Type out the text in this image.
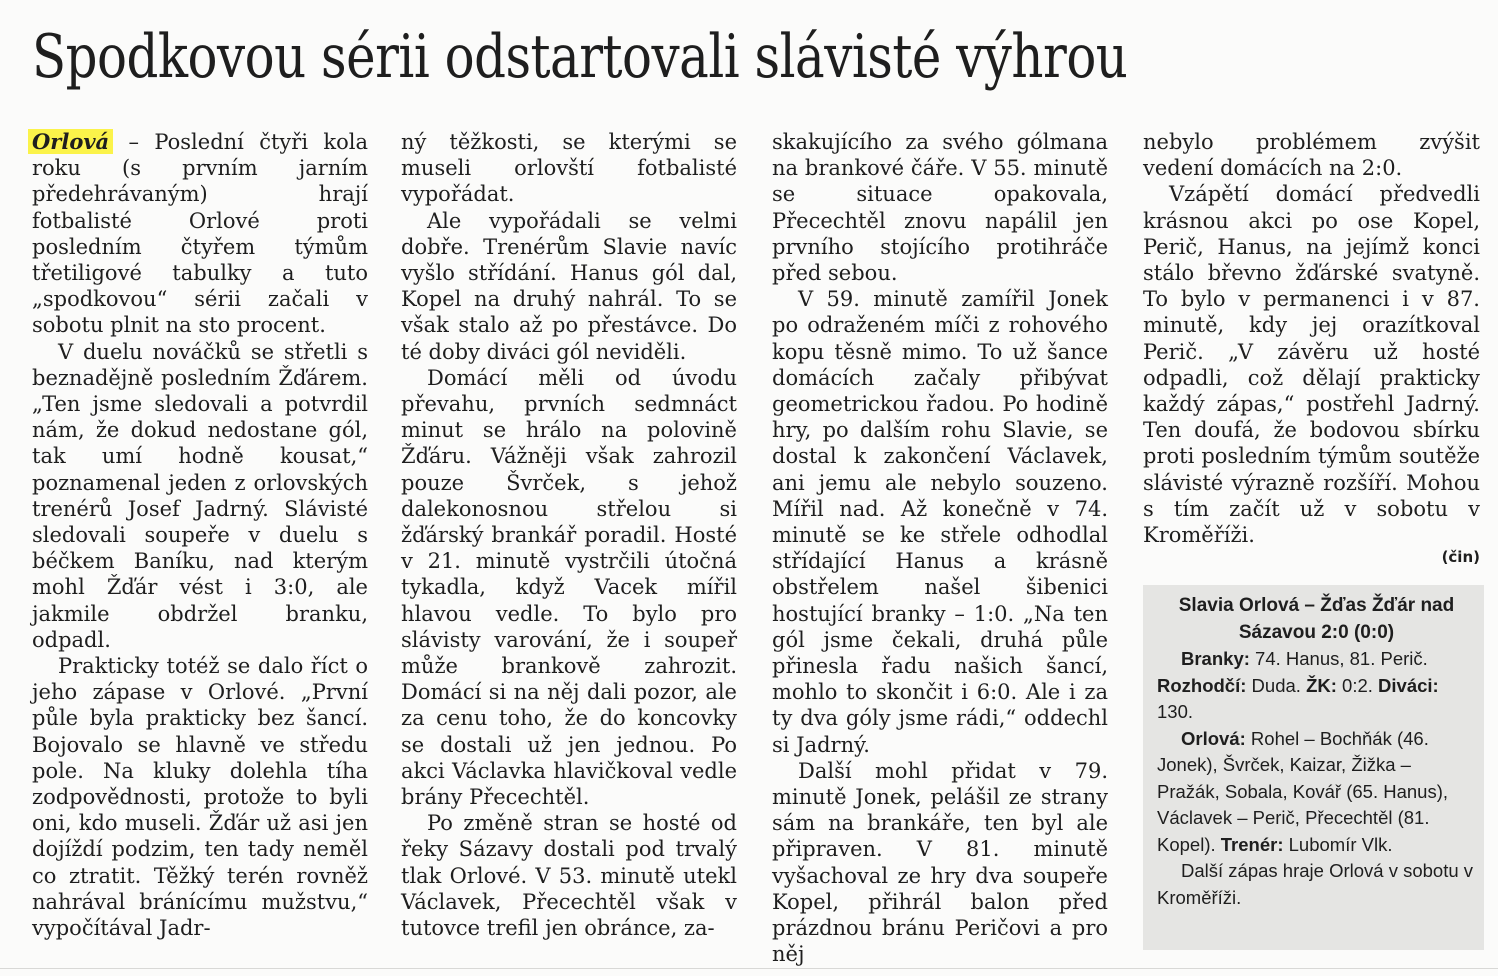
Spodkovou sérii odstartovali slávisté výhrou

Orlová – Poslední čtyři kola roku (s prvním jarním předehrávaným) hrají fotbalisté Orlové proti posledním čtyřem týmům třetiligové tabulky a tuto „spodkovou“ sérii začali v sobotu plnit na sto procent.

V duelu nováčků se střetli s beznadějně posledním Žďárem. „Ten jsme sledovali a potvrdil nám, že dokud nedostane gól, tak umí hodně kousat,“ poznamenal jeden z orlovských trenérů Josef Jadrný. Slávisté sledovali soupeře v duelu s béčkem Baníku, nad kterým mohl Žďár vést i 3:0, ale jakmile obdržel branku, odpadl.

Prakticky totéž se dalo říct o jeho zápase v Orlové. „První půle byla prakticky bez šancí. Bojovalo se hlavně ve středu pole. Na kluky dolehla tíha zodpovědnosti, protože to byli oni, kdo museli. Žďár už asi jen dojíždí podzim, ten tady neměl co ztratit. Těžký terén rovněž nahrával bránícímu mužstvu,“ vypočítával Jadr-

ný těžkosti, se kterými se museli orlovští fotbalisté vypořádat.

Ale vypořádali se velmi dobře. Trenérům Slavie navíc vyšlo střídání. Hanus gól dal, Kopel na druhý nahrál. To se však stalo až po přestávce. Do té doby diváci gól neviděli.

Domácí měli od úvodu převahu, prvních sedmnáct minut se hrálo na polovině Žďáru. Vážněji však zahrozil pouze Švrček, s jehož dalekonosnou střelou si žďárský brankář poradil. Hosté v 21. minutě vystrčili útočná tykadla, když Vacek mířil hlavou vedle. To bylo pro slávisty varování, že i soupeř může brankově zahrozit. Domácí si na něj dali pozor, ale za cenu toho, že do koncovky se dostali už jen jednou. Po akci Václavka hlavičkoval vedle brány Přecechtěl.

Po změně stran se hosté od řeky Sázavy dostali pod trvalý tlak Orlové. V 53. minutě utekl Václavek, Přecechtěl však v tutovce trefil jen obránce, za-

skakujícího za svého gólmana na brankové čáře. V 55. minutě se situace opakovala, Přecechtěl znovu napálil jen prvního stojícího protihráče před sebou.

V 59. minutě zamířil Jonek po odraženém míči z rohového kopu těsně mimo. To už šance domácích začaly přibývat geometrickou řadou. Po hodině hry, po dalším rohu Slavie, se dostal k zakončení Václavek, ani jemu ale nebylo souzeno. Mířil nad. Až konečně v 74. minutě se ke střele odhodlal střídající Hanus a krásně obstřelem našel šibenici hostující branky – 1:0. „Na ten gól jsme čekali, druhá půle přinesla řadu našich šancí, mohlo to skončit i 6:0. Ale i za ty dva góly jsme rádi,“ oddechl si Jadrný.

Další mohl přidat v 79. minutě Jonek, pelášil ze strany sám na brankáře, ten byl ale připraven. V 81. minutě vyšachoval ze hry dva soupeře Kopel, přihrál balon před prázdnou bránu Peričovi a pro něj

nebylo problémem zvýšit vedení domácích na 2:0.

Vzápětí domácí předvedli krásnou akci po ose Kopel, Perič, Hanus, na jejímž konci stálo břevno žďárské svatyně. To bylo v permanenci i v 87. minutě, kdy jej orazítkoval Perič. „V závěru už hosté odpadli, což dělají prakticky každý zápas,“ postřehl Jadrný. Ten doufá, že bodovou sbírku proti posledním týmům soutěže slávisté výrazně rozšíří. Mohou s tím začít už v sobotu v Kroměříži.

(čin)

Slavia Orlová – Žďas Žďár nad Sázavou 2:0 (0:0)

Branky: 74. Hanus, 81. Perič.

Rozhodčí: Duda. ŽK: 0:2. Diváci: 130.

Orlová: Rohel – Bochňák (46. Jonek), Švrček, Kaizar, Žižka – Pražák, Sobala, Kovář (65. Hanus), Václavek – Perič, Přecechtěl (81. Kopel). Trenér: Lubomír Vlk.

Další zápas hraje Orlová v sobotu v Kroměříži.
